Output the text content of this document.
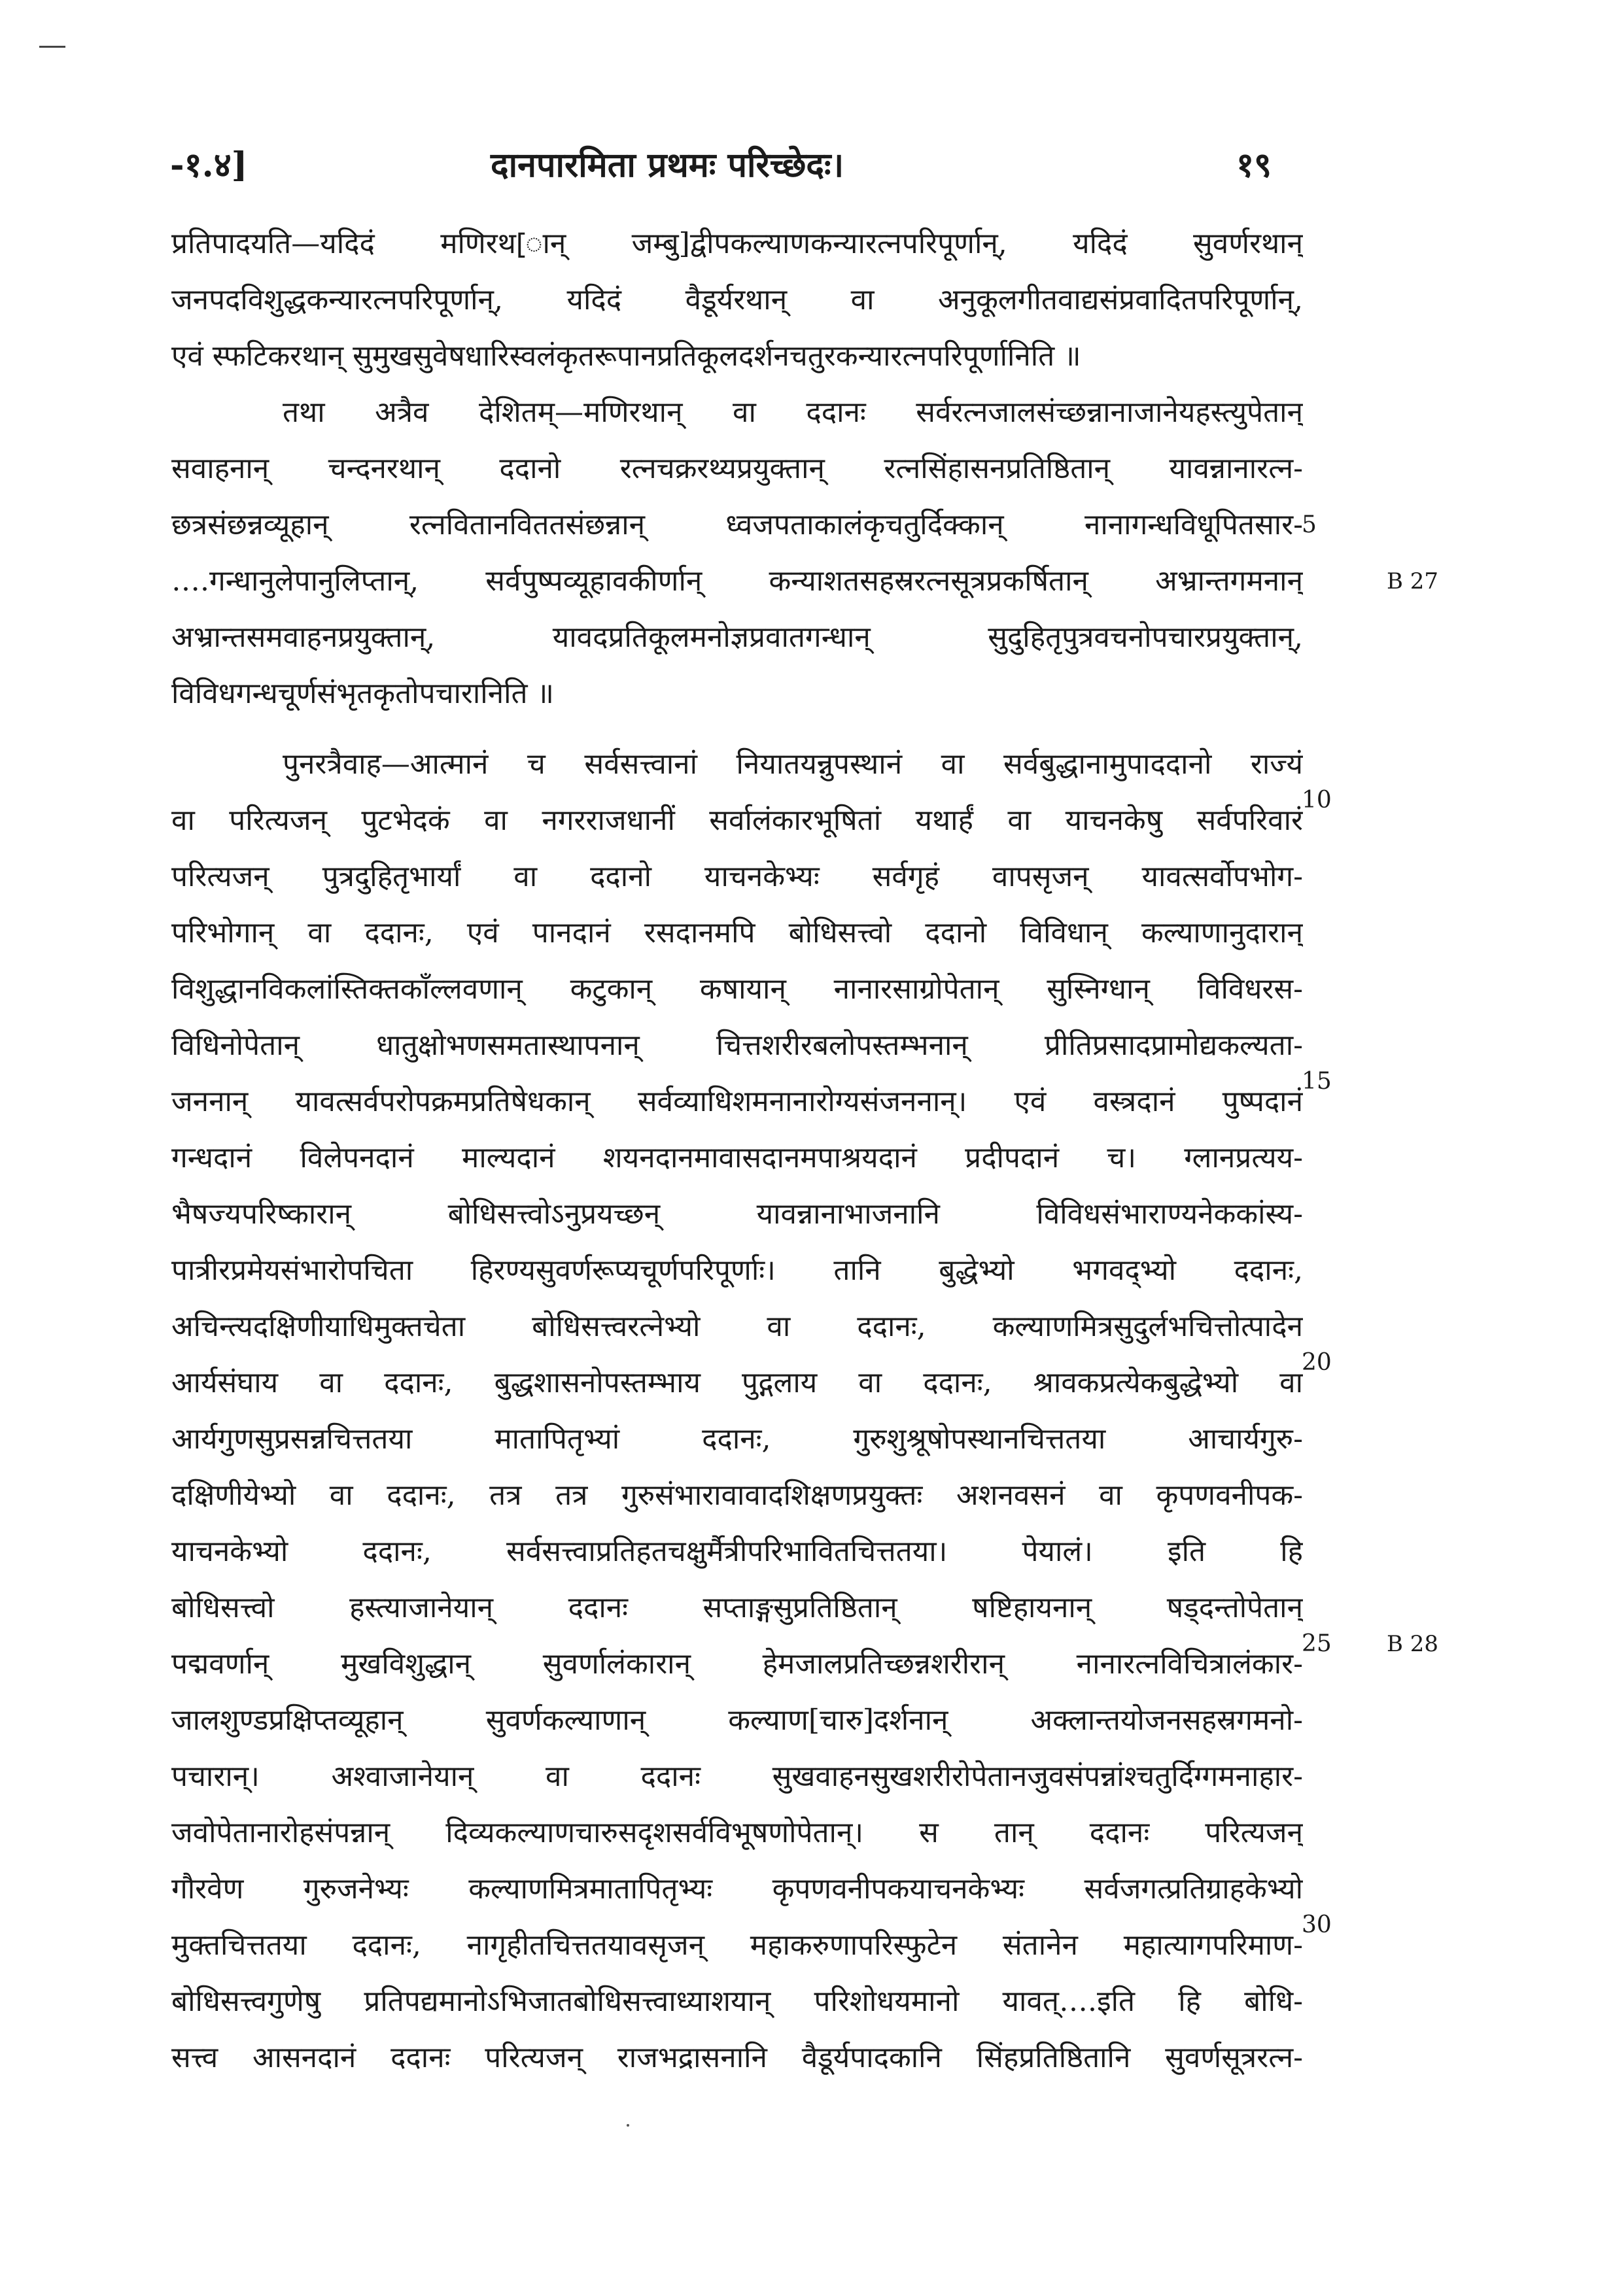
-१.४]	दानपारमिता प्रथमः परिच्छेदः।	१९
प्रतिपादयति—यदिदं मणिरथ[ान् जम्बु]द्वीपकल्याणकन्यारत्नपरिपूर्णान्, यदिदं सुवर्णरथान्
जनपदविशुद्धकन्यारत्नपरिपूर्णान्, यदिदं वैडूर्यरथान् वा अनुकूलगीतवाद्यसंप्रवादितपरिपूर्णान्,
एवं स्फटिकरथान् सुमुखसुवेषधारिस्वलंकृतरूपानप्रतिकूलदर्शनचतुरकन्यारत्नपरिपूर्णानिति ॥
तथा अत्रैव देशितम्—मणिरथान् वा ददानः सर्वरत्नजालसंच्छन्नानाजानेयहस्त्युपेतान्
सवाहनान् चन्दनरथान् ददानो रत्नचक्ररथ्यप्रयुक्तान् रत्नसिंहासनप्रतिष्ठितान् यावन्नानारत्न-
छत्रसंछन्नव्यूहान् रत्नवितानविततसंछन्नान् ध्वजपताकालंकृचतुर्दिक्कान् नानागन्धविधूपितसार-
….गन्धानुलेपानुलिप्तान्, सर्वपुष्पव्यूहावकीर्णान् कन्याशतसहस्ररत्नसूत्रप्रकर्षितान् अभ्रान्तगमनान्
अभ्रान्तसमवाहनप्रयुक्तान्, यावदप्रतिकूलमनोज्ञप्रवातगन्धान् सुदुहितृपुत्रवचनोपचारप्रयुक्तान्,
विविधगन्धचूर्णसंभृतकृतोपचारानिति ॥
पुनरत्रैवाह—आत्मानं च सर्वसत्त्वानां नियातयन्नुपस्थानं वा सर्वबुद्धानामुपाददानो राज्यं
वा परित्यजन् पुटभेदकं वा नगरराजधानीं सर्वालंकारभूषितां यथार्हं वा याचनकेषु सर्वपरिवारं
परित्यजन् पुत्रदुहितृभार्यां वा ददानो याचनकेभ्यः सर्वगृहं वापसृजन् यावत्सर्वोपभोग-
परिभोगान् वा ददानः, एवं पानदानं रसदानमपि बोधिसत्त्वो ददानो विविधान् कल्याणानुदारान्
विशुद्धानविकलांस्तिक्तकाँल्लवणान् कटुकान् कषायान् नानारसाग्रोपेतान् सुस्निग्धान् विविधरस-
विधिनोपेतान् धातुक्षोभणसमतास्थापनान् चित्तशरीरबलोपस्तम्भनान् प्रीतिप्रसादप्रामोद्यकल्यता-
जननान् यावत्सर्वपरोपक्रमप्रतिषेधकान् सर्वव्याधिशमनानारोग्यसंजननान्। एवं वस्त्रदानं पुष्पदानं
गन्धदानं विलेपनदानं माल्यदानं शयनदानमावासदानमपाश्रयदानं प्रदीपदानं च। ग्लानप्रत्यय-
भैषज्यपरिष्कारान् बोधिसत्त्वोऽनुप्रयच्छन् यावन्नानाभाजनानि विविधसंभाराण्यनेककांस्य-
पात्रीरप्रमेयसंभारोपचिता हिरण्यसुवर्णरूप्यचूर्णपरिपूर्णाः। तानि बुद्धेभ्यो भगवद्भ्यो ददानः,
अचिन्त्यदक्षिणीयाधिमुक्तचेता बोधिसत्त्वरत्नेभ्यो वा ददानः, कल्याणमित्रसुदुर्लभचित्तोत्पादेन
आर्यसंघाय वा ददानः, बुद्धशासनोपस्तम्भाय पुद्गलाय वा ददानः, श्रावकप्रत्येकबुद्धेभ्यो वा
आर्यगुणसुप्रसन्नचित्ततया मातापितृभ्यां ददानः, गुरुशुश्रूषोपस्थानचित्ततया आचार्यगुरु-
दक्षिणीयेभ्यो वा ददानः, तत्र तत्र गुरुसंभारावावादशिक्षणप्रयुक्तः अशनवसनं वा कृपणवनीपक-
याचनकेभ्यो ददानः, सर्वसत्त्वाप्रतिहतचक्षुर्मैत्रीपरिभावितचित्ततया। पेयालं। इति हि
बोधिसत्त्वो हस्त्याजानेयान् ददानः सप्ताङ्गसुप्रतिष्ठितान् षष्टिहायनान् षड्दन्तोपेतान्
पद्मवर्णान् मुखविशुद्धान् सुवर्णालंकारान् हेमजालप्रतिच्छन्नशरीरान् नानारत्नविचित्रालंकार-
जालशुण्डप्रक्षिप्तव्यूहान् सुवर्णकल्याणान् कल्याण[चारु]दर्शनान् अक्लान्तयोजनसहस्रगमनो-
पचारान्। अश्वाजानेयान् वा ददानः सुखवाहनसुखशरीरोपेतानजुवसंपन्नांश्चतुर्दिग्गमनाहार-
जवोपेतानारोहसंपन्नान् दिव्यकल्याणचारुसदृशसर्वविभूषणोपेतान्। स तान् ददानः परित्यजन्
गौरवेण गुरुजनेभ्यः कल्याणमित्रमातापितृभ्यः कृपणवनीपकयाचनकेभ्यः सर्वजगत्प्रतिग्राहकेभ्यो
मुक्तचित्ततया ददानः, नागृहीतचित्ततयावसृजन् महाकरुणापरिस्फुटेन संतानेन महात्यागपरिमाण-
बोधिसत्त्वगुणेषु प्रतिपद्यमानोऽभिजातबोधिसत्त्वाध्याशयान् परिशोधयमानो यावत्….इति हि बोधि-
सत्त्व आसनदानं ददानः परित्यजन् राजभद्रासनानि वैडूर्यपादकानि सिंहप्रतिष्ठितानि सुवर्णसूत्ररत्न-
5
10
15
20
25
30
B 27
B 28
